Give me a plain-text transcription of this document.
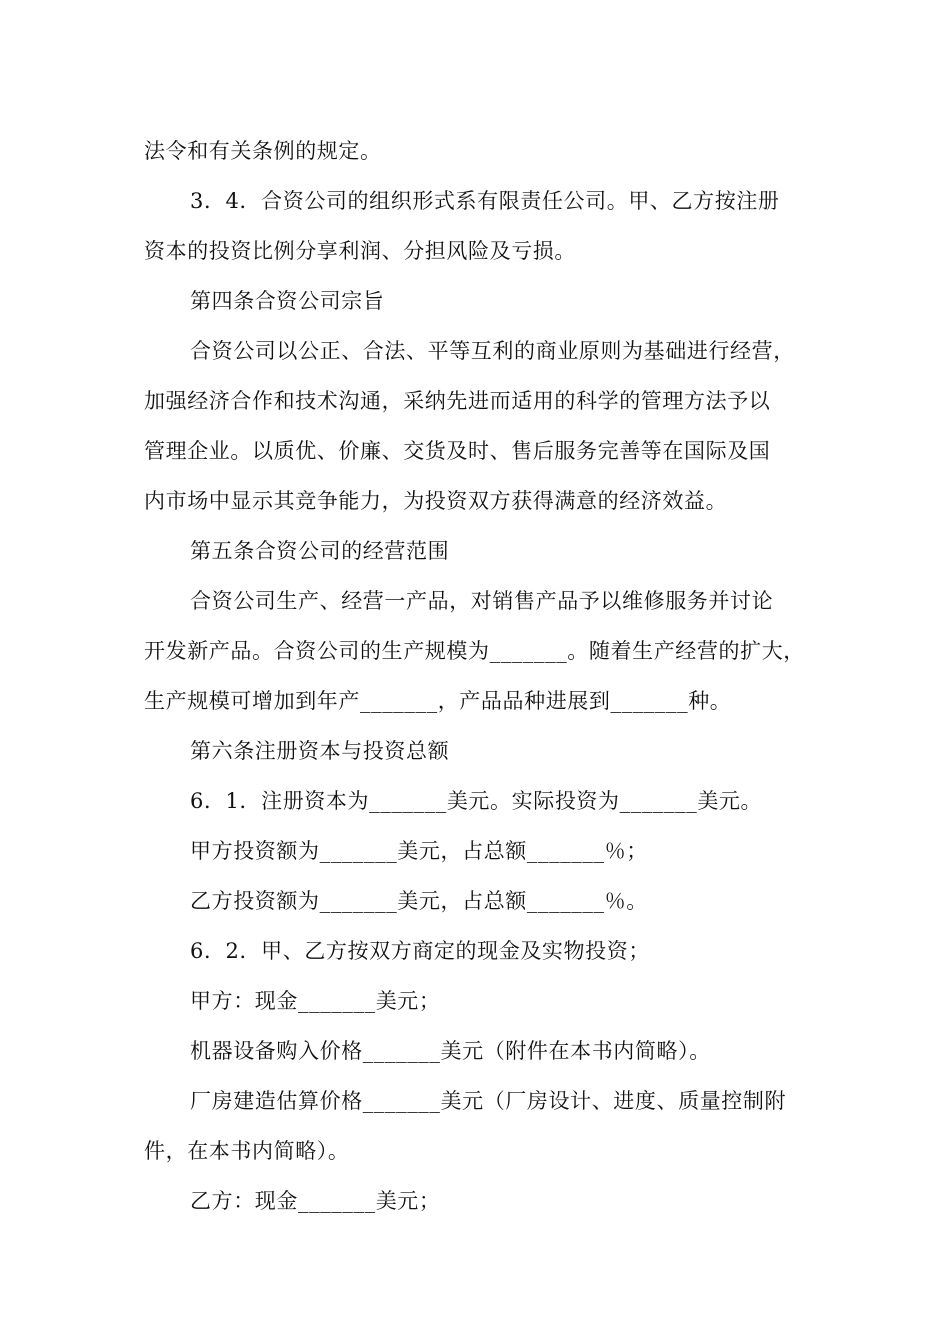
法令和有关条例的规定。
3．4．合资公司的组织形式系有限责任公司。甲、乙方按注册
资本的投资比例分享利润、分担风险及亏损。
第四条合资公司宗旨
合资公司以公正、合法、平等互利的商业原则为基础进行经营，
加强经济合作和技术沟通，采纳先进而适用的科学的管理方法予以
管理企业。以质优、价廉、交货及时、售后服务完善等在国际及国
内市场中显示其竞争能力，为投资双方获得满意的经济效益。
第五条合资公司的经营范围
合资公司生产、经营一产品，对销售产品予以维修服务并讨论
开发新产品。合资公司的生产规模为_______。随着生产经营的扩大，
生产规模可增加到年产_______，产品品种进展到_______种。
第六条注册资本与投资总额
6．1．注册资本为_______美元。实际投资为_______美元。
甲方投资额为_______美元，占总额_______％；
乙方投资额为_______美元，占总额_______％。
6．2．甲、乙方按双方商定的现金及实物投资；
甲方：现金_______美元；
机器设备购入价格_______美元（附件在本书内简略）。
厂房建造估算价格_______美元（厂房设计、进度、质量控制附
件，在本书内简略）。
乙方：现金_______美元；
